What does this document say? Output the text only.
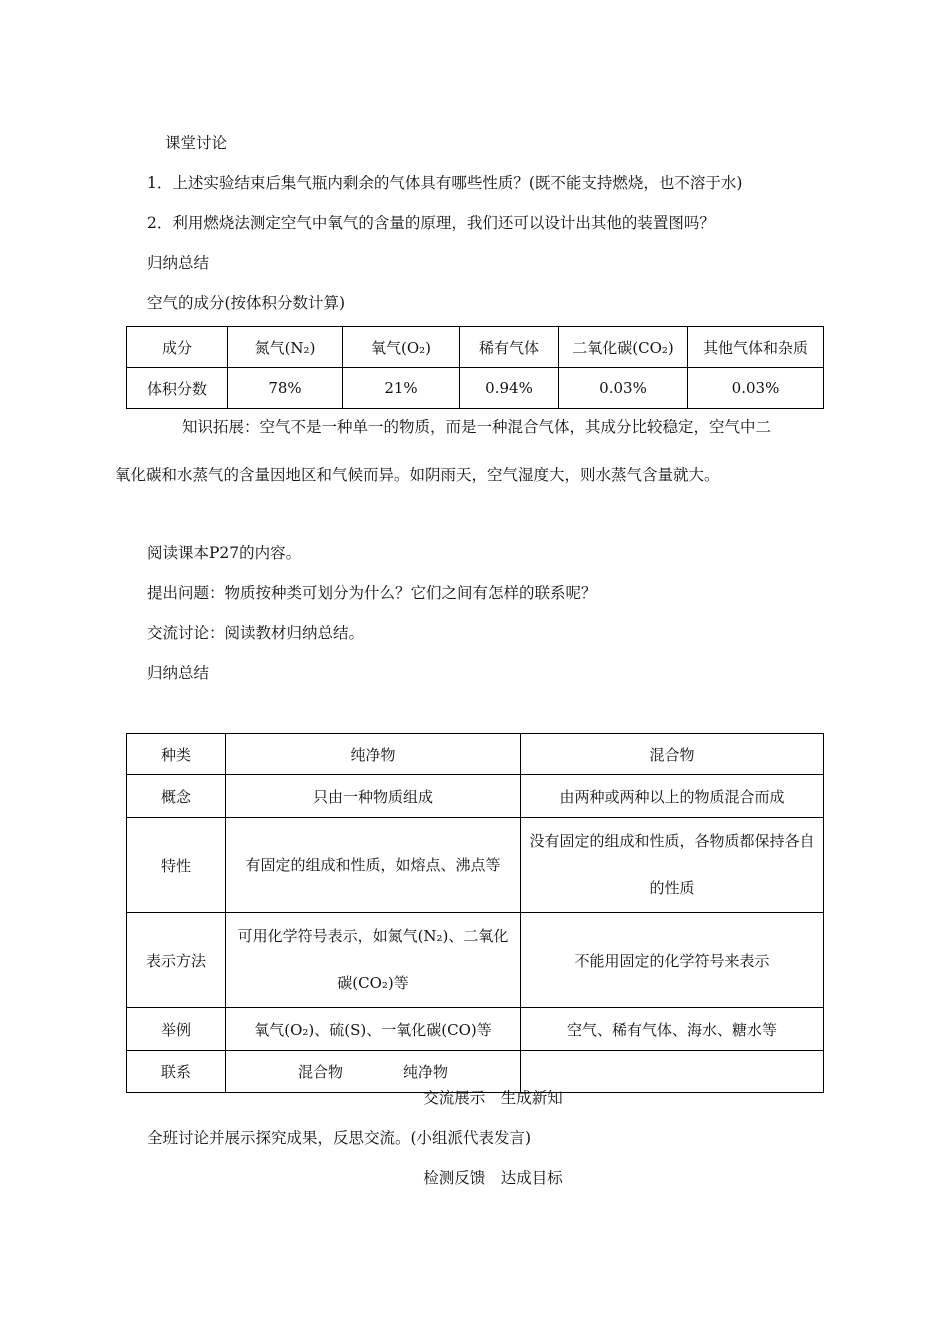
课堂讨论
1．上述实验结束后集气瓶内剩余的气体具有哪些性质？(既不能支持燃烧，也不溶于水)
2．利用燃烧法测定空气中氧气的含量的原理，我们还可以设计出其他的装置图吗？
归纳总结
空气的成分(按体积分数计算)
成分	氮气(N₂)	氧气(O₂)	稀有气体	二氧化碳(CO₂)	其他气体和杂质
体积分数	78%	21%	0.94%	0.03%	0.03%
知识拓展：空气不是一种单一的物质，而是一种混合气体，其成分比较稳定，空气中二
氧化碳和水蒸气的含量因地区和气候而异。如阴雨天，空气湿度大，则水蒸气含量就大。
阅读课本P27的内容。
提出问题：物质按种类可划分为什么？它们之间有怎样的联系呢？
交流讨论：阅读教材归纳总结。
归纳总结
种类	纯净物	混合物
概念	只由一种物质组成	由两种或两种以上的物质混合而成
特性	有固定的组成和性质，如熔点、沸点等	没有固定的组成和性质，各物质都保持各自的性质
表示方法	可用化学符号表示，如氮气(N₂)、二氧化碳(CO₂)等	不能用固定的化学符号来表示
举例	氧气(O₂)、硫(S)、一氧化碳(CO)等	空气、稀有气体、海水、糖水等
联系	混合物　　　　纯净物	
交流展示　生成新知
全班讨论并展示探究成果，反思交流。(小组派代表发言)
检测反馈　达成目标
